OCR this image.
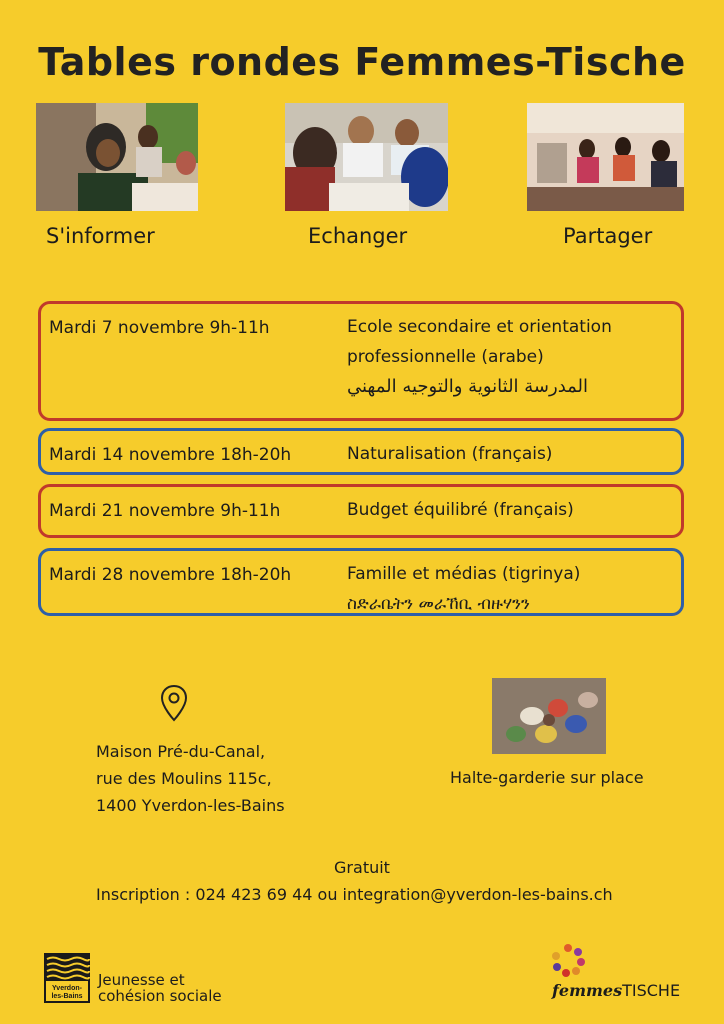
Tables rondes Femmes-Tische
S'informer	Echanger	Partager
Mardi 7 novembre 9h-11h	Ecole secondaire et orientation professionnelle (arabe)
المدرسة الثانوية والتوجيه المهني
Mardi 14 novembre 18h-20h	Naturalisation (français)
Mardi 21 novembre 9h-11h	Budget équilibré (français)
Mardi 28 novembre 18h-20h	Famille et médias (tigrinya)
ስድራቤትን መራኸቢ ብዙሃንን
Maison Pré-du-Canal,
rue des Moulins 115c,
1400 Yverdon-les-Bains
Halte-garderie sur place
Gratuit
Inscription : 024 423 69 44 ou integration@yverdon-les-bains.ch
Yverdon-
les-Bains
Jeunesse et
cohésion sociale	femmesTISCHE
